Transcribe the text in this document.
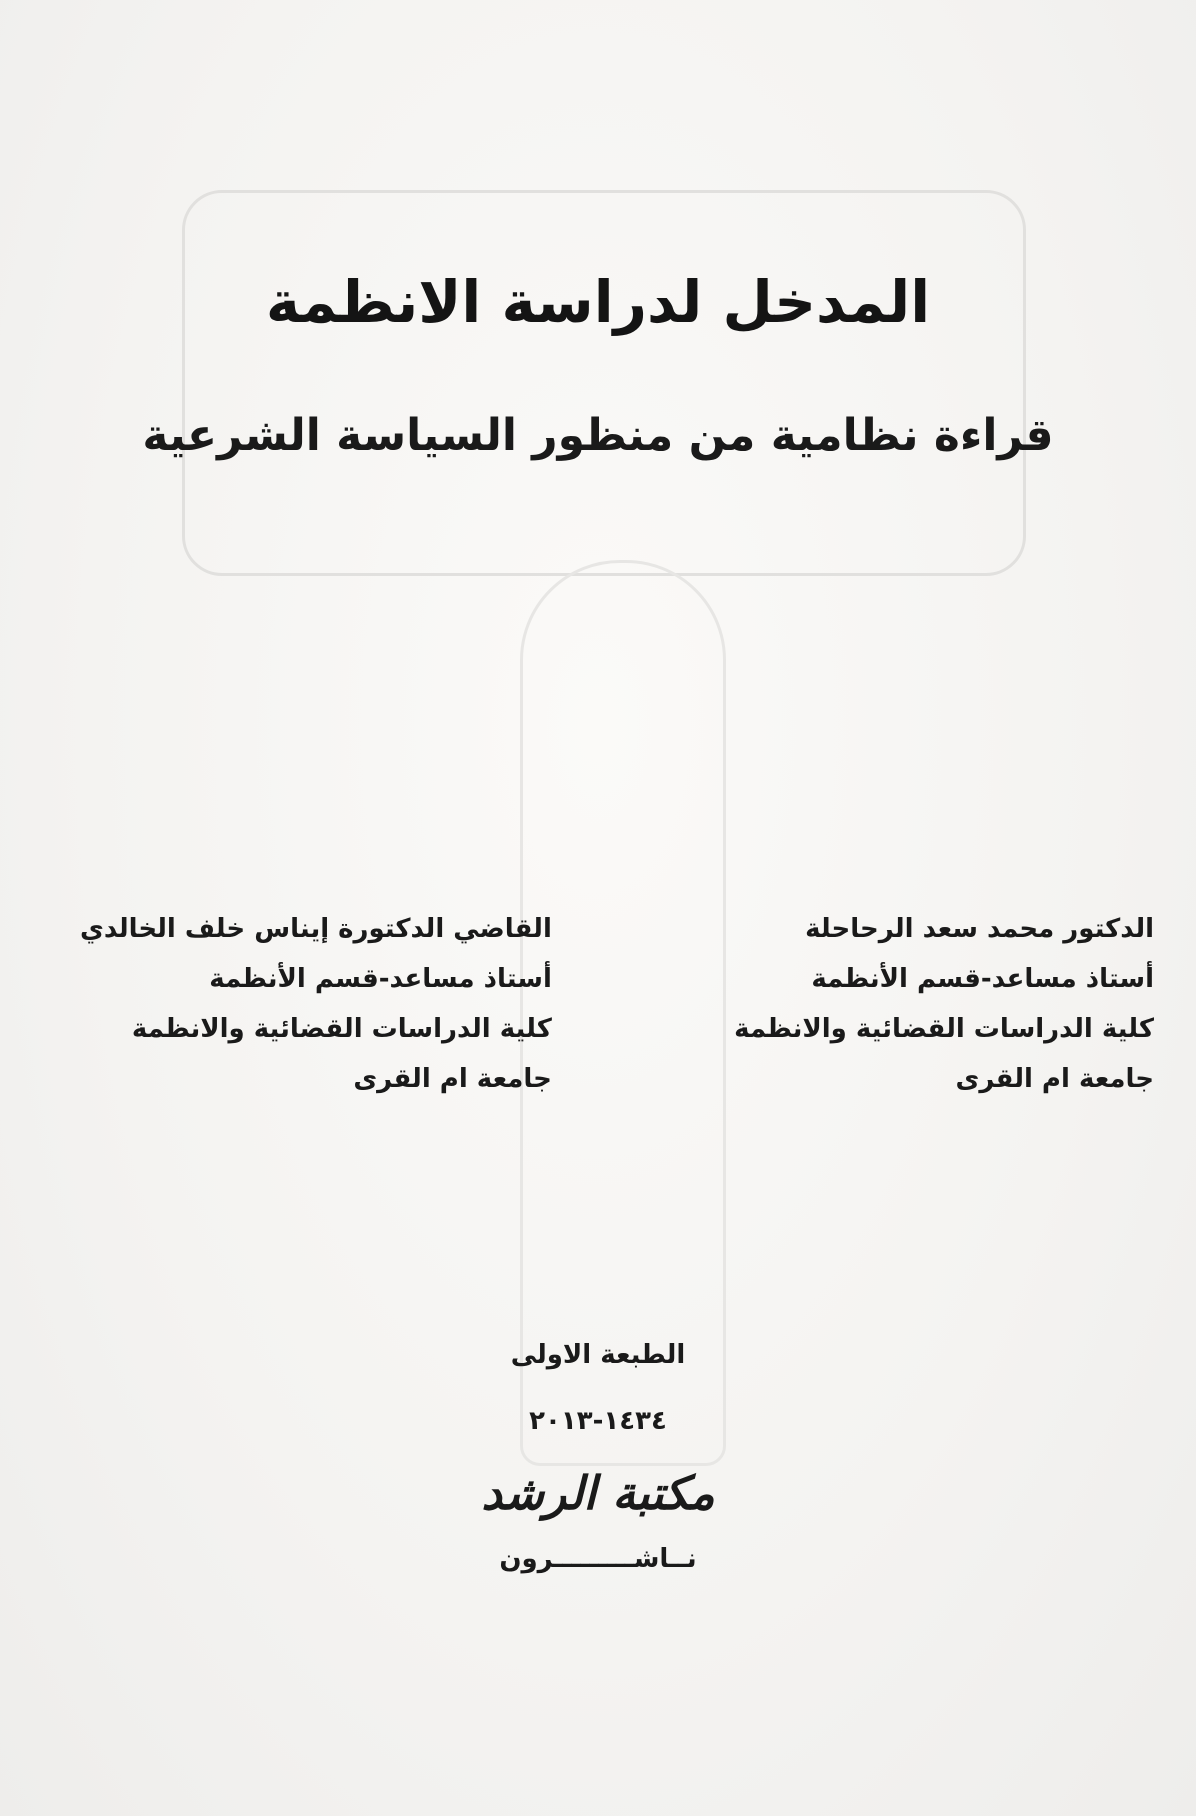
المدخل لدراسة الانظمة
قراءة نظامية من منظور السياسة الشرعية
الدكتور محمد سعد الرحاحلة
أستاذ مساعد-قسم الأنظمة
كلية الدراسات القضائية والانظمة
جامعة ام القرى
القاضي الدكتورة إيناس خلف الخالدي
أستاذ مساعد-قسم الأنظمة
كلية الدراسات القضائية والانظمة
جامعة ام القرى
الطبعة الاولى
١٤٣٤-٢٠١٣
مكتبة الرشد
نــاشـــــــــرون
